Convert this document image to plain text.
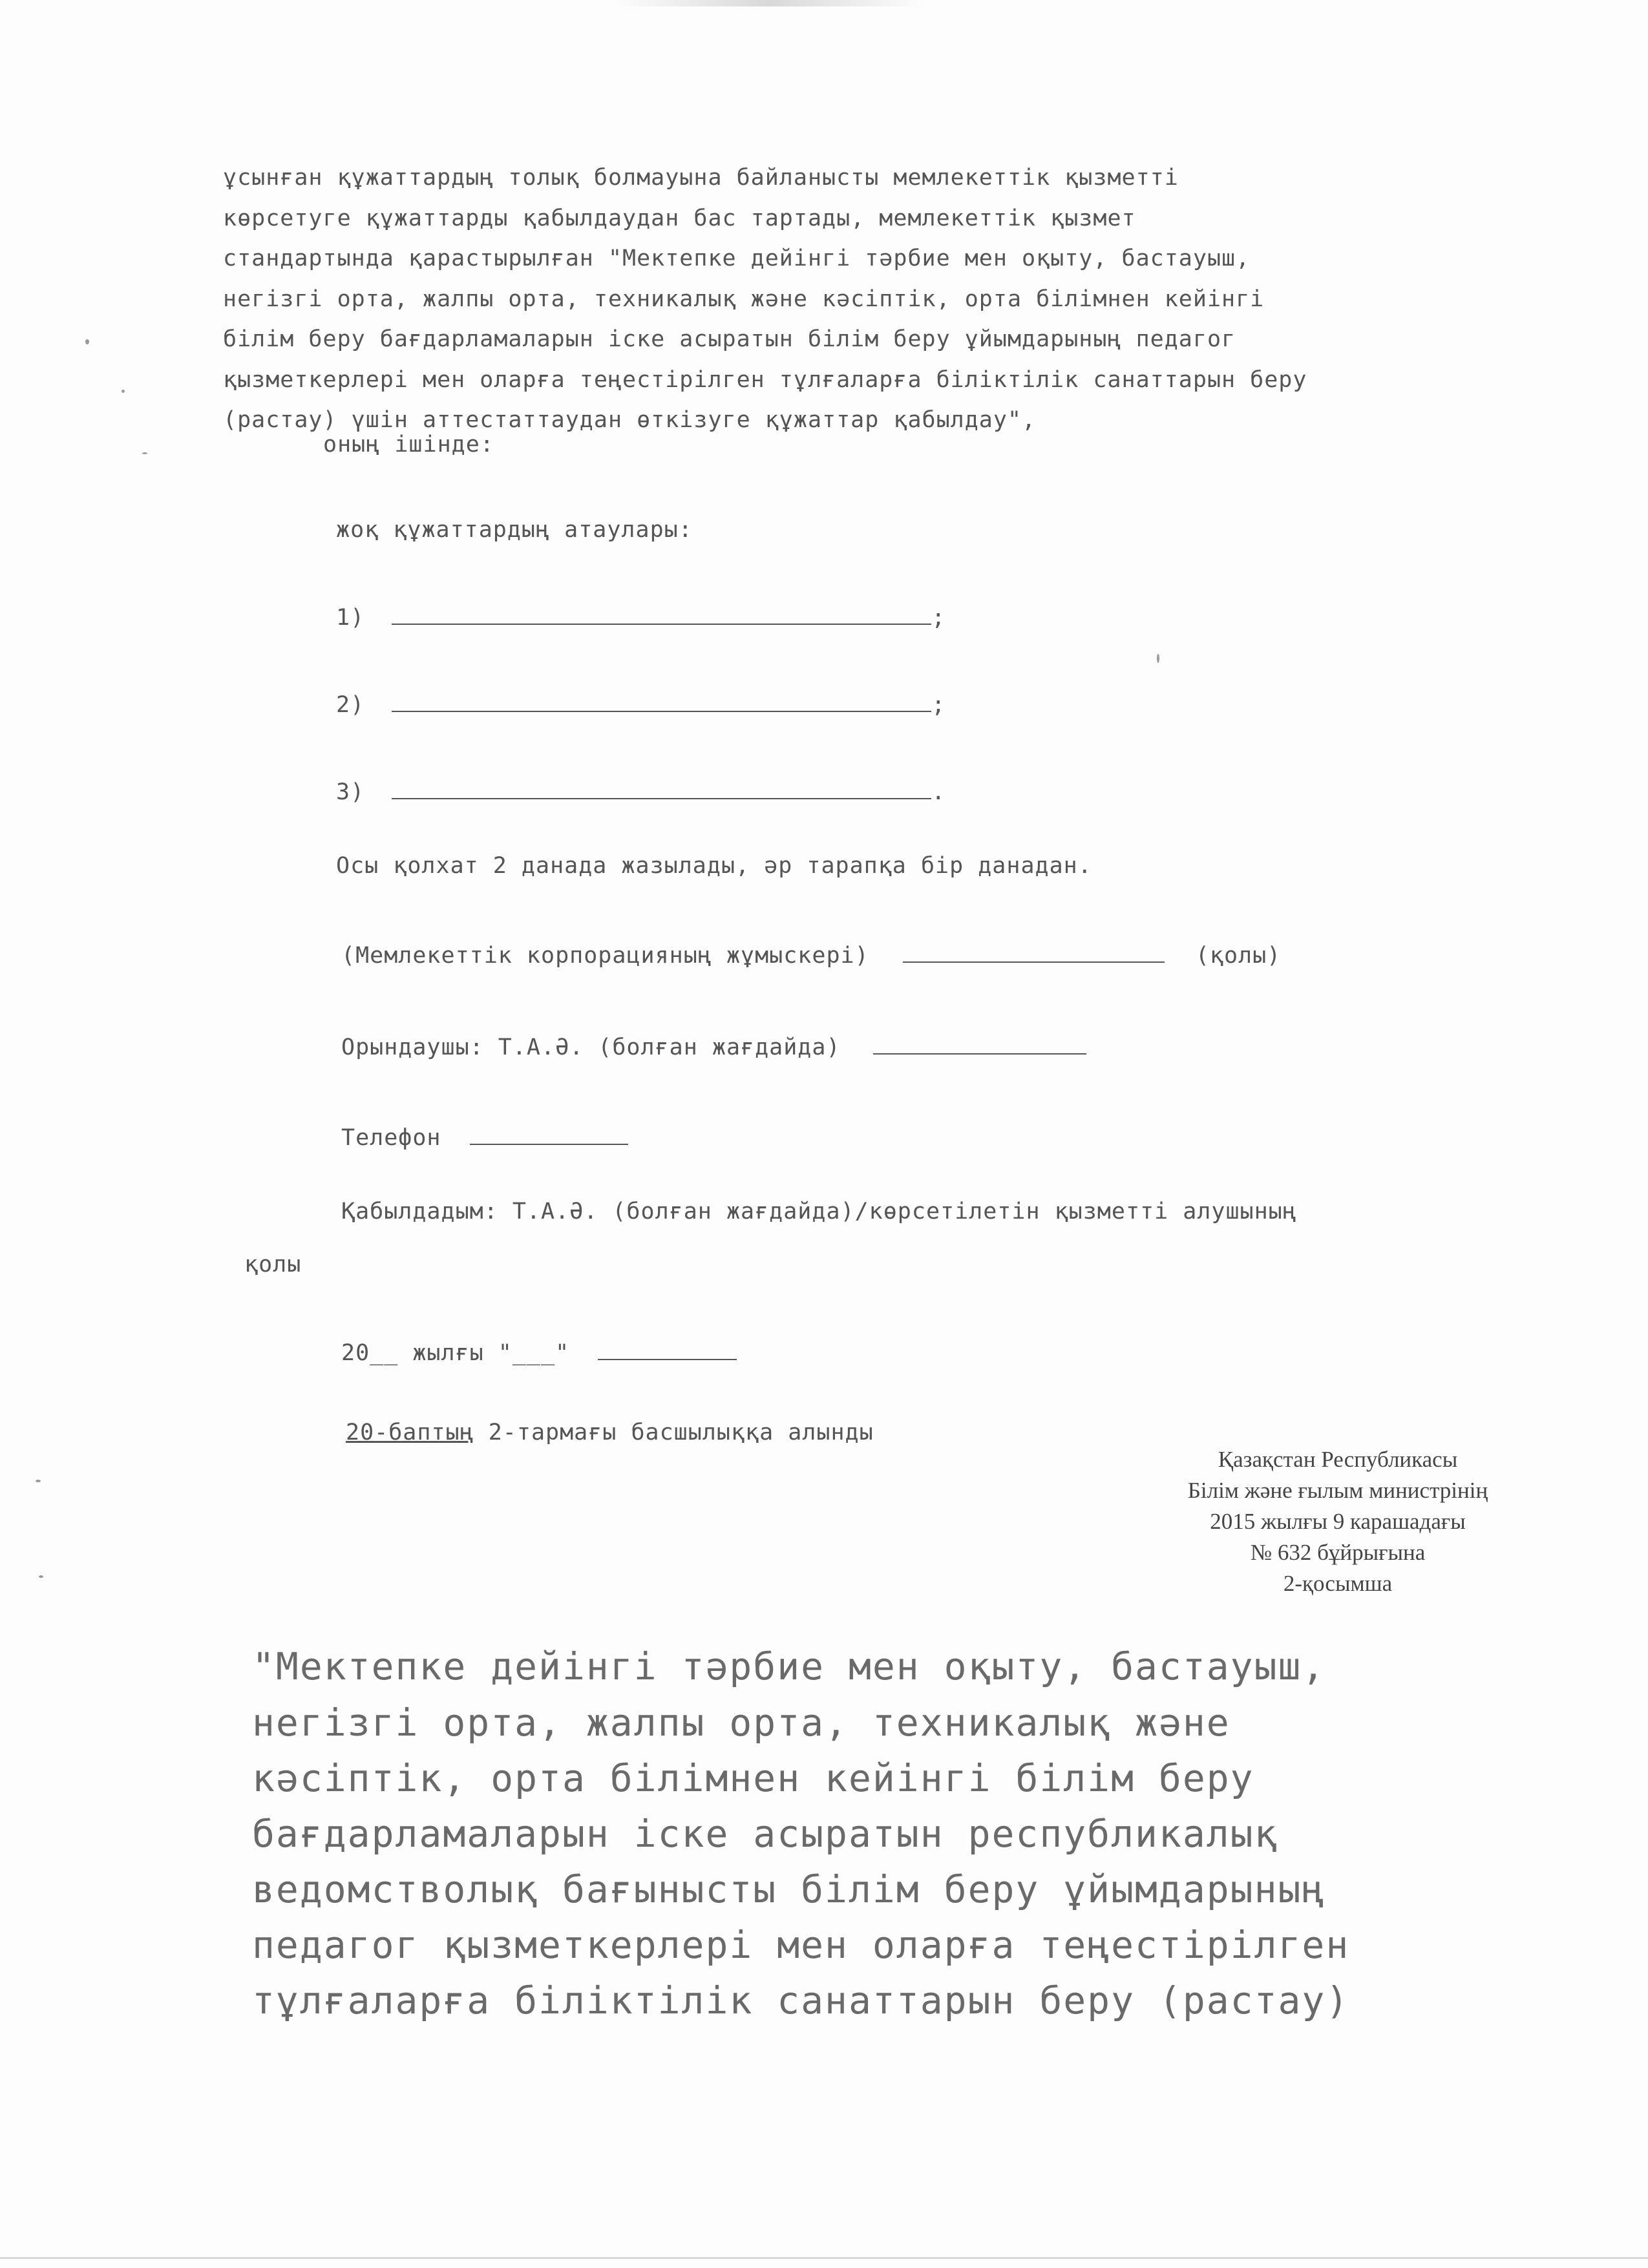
ұсынған құжаттардың толық болмауына байланысты мемлекеттік қызметті
көрсетуге құжаттарды қабылдаудан бас тартады, мемлекеттік қызмет
стандартында қарастырылған "Мектепке дейінгі тәрбие мен оқыту, бастауыш,
негізгі орта, жалпы орта, техникалық және кәсіптік, орта білімнен кейінгі
білім беру бағдарламаларын іске асыратын білім беру ұйымдарының педагог
қызметкерлері мен оларға теңестірілген тұлғаларға біліктілік санаттарын беру
(растау) үшін аттестаттаудан өткізуге құжаттар қабылдау",
оның ішінде:
жоқ құжаттардың атаулары:
1)	;
2)	;
3)	.
Осы қолхат 2 данада жазылады, әр тарапқа бір данадан.
(Мемлекеттік корпорацияның жұмыскері)	(қолы)
Орындаушы: Т.А.Ә. (болған жағдайда)
Телефон
Қабылдадым: Т.А.Ә. (болған жағдайда)/көрсетілетін қызметті алушының
қолы
20__ жылғы "___"
20-баптың 2-тармағы басшылыққа алынды
Қазақстан Республикасы
Білім және ғылым министрінің
2015 жылғы 9 карашадағы
№ 632 бұйрығына
2-қосымша
"Мектепке дейінгі тәрбие мен оқыту, бастауыш,
негізгі орта, жалпы орта, техникалық және
кәсіптік, орта білімнен кейінгі білім беру
бағдарламаларын іске асыратын республикалық
ведомстволық бағынысты білім беру ұйымдарының
педагог қызметкерлері мен оларға теңестірілген
тұлғаларға біліктілік санаттарын беру (растау)
